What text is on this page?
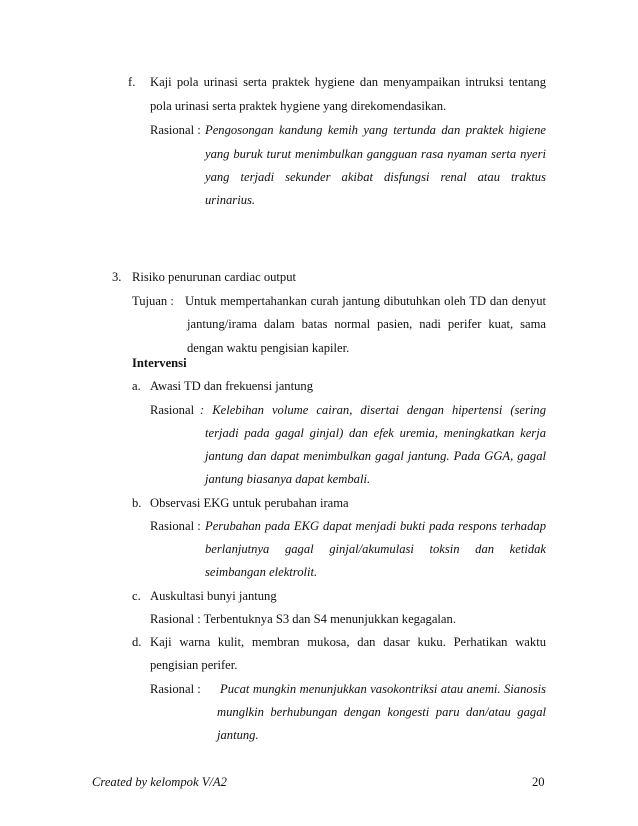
f. Kaji pola urinasi serta praktek hygiene dan menyampaikan intruksi tentang
pola urinasi serta praktek hygiene yang direkomendasikan.
Rasional : Pengosongan kandung kemih yang tertunda dan praktek higiene
yang buruk turut menimbulkan gangguan rasa nyaman serta nyeri
yang terjadi sekunder akibat disfungsi renal atau traktus
urinarius.
3. Risiko penurunan cardiac output
Tujuan : Untuk mempertahankan curah jantung dibutuhkan oleh TD dan denyut
jantung/irama dalam batas normal pasien, nadi perifer kuat, sama
dengan waktu pengisian kapiler.
Intervensi
a. Awasi TD dan frekuensi jantung
Rasional : Kelebihan volume cairan, disertai dengan hipertensi (sering
terjadi pada gagal ginjal) dan efek uremia, meningkatkan kerja
jantung dan dapat menimbulkan gagal jantung. Pada GGA, gagal
jantung biasanya dapat kembali.
b. Observasi EKG untuk perubahan irama
Rasional : Perubahan pada EKG dapat menjadi bukti pada respons terhadap
berlanjutnya gagal ginjal/akumulasi toksin dan ketidak
seimbangan elektrolit.
c. Auskultasi bunyi jantung
Rasional : Terbentuknya S3 dan S4 menunjukkan kegagalan.
d. Kaji warna kulit, membran mukosa, dan dasar kuku. Perhatikan waktu
pengisian perifer.
Rasional : Pucat mungkin menunjukkan vasokontriksi atau anemi. Sianosis
munglkin berhubungan dengan kongesti paru dan/atau gagal
jantung.
Created by kelompok V/A2	20
